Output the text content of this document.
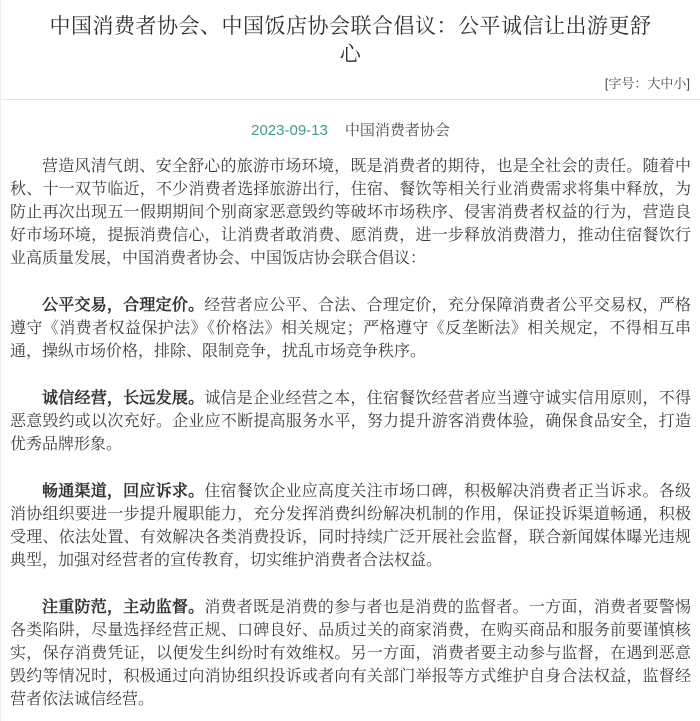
中国消费者协会、中国饭店协会联合倡议：公平诚信让出游更舒心
[字号：大中小]
2023-09-13 中国消费者协会

营造风清气朗、安全舒心的旅游市场环境，既是消费者的期待，也是全社会的责任。随着中秋、十一双节临近，不少消费者选择旅游出行，住宿、餐饮等相关行业消费需求将集中释放，为防止再次出现五一假期期间个别商家恶意毁约等破坏市场秩序、侵害消费者权益的行为，营造良好市场环境，提振消费信心，让消费者敢消费、愿消费，进一步释放消费潜力，推动住宿餐饮行业高质量发展，中国消费者协会、中国饭店协会联合倡议：

公平交易，合理定价。经营者应公平、合法、合理定价，充分保障消费者公平交易权，严格遵守《消费者权益保护法》《价格法》相关规定；严格遵守《反垄断法》相关规定，不得相互串通，操纵市场价格，排除、限制竞争，扰乱市场竞争秩序。

诚信经营，长远发展。诚信是企业经营之本，住宿餐饮经营者应当遵守诚实信用原则，不得恶意毁约或以次充好。企业应不断提高服务水平，努力提升游客消费体验，确保食品安全，打造优秀品牌形象。

畅通渠道，回应诉求。住宿餐饮企业应高度关注市场口碑，积极解决消费者正当诉求。各级消协组织要进一步提升履职能力，充分发挥消费纠纷解决机制的作用，保证投诉渠道畅通，积极受理、依法处置、有效解决各类消费投诉，同时持续广泛开展社会监督，联合新闻媒体曝光违规典型，加强对经营者的宣传教育，切实维护消费者合法权益。

注重防范，主动监督。消费者既是消费的参与者也是消费的监督者。一方面，消费者要警惕各类陷阱，尽量选择经营正规、口碑良好、品质过关的商家消费，在购买商品和服务前要谨慎核实，保存消费凭证，以便发生纠纷时有效维权。另一方面，消费者要主动参与监督，在遇到恶意毁约等情况时，积极通过向消协组织投诉或者向有关部门举报等方式维护自身合法权益，监督经营者依法诚信经营。
